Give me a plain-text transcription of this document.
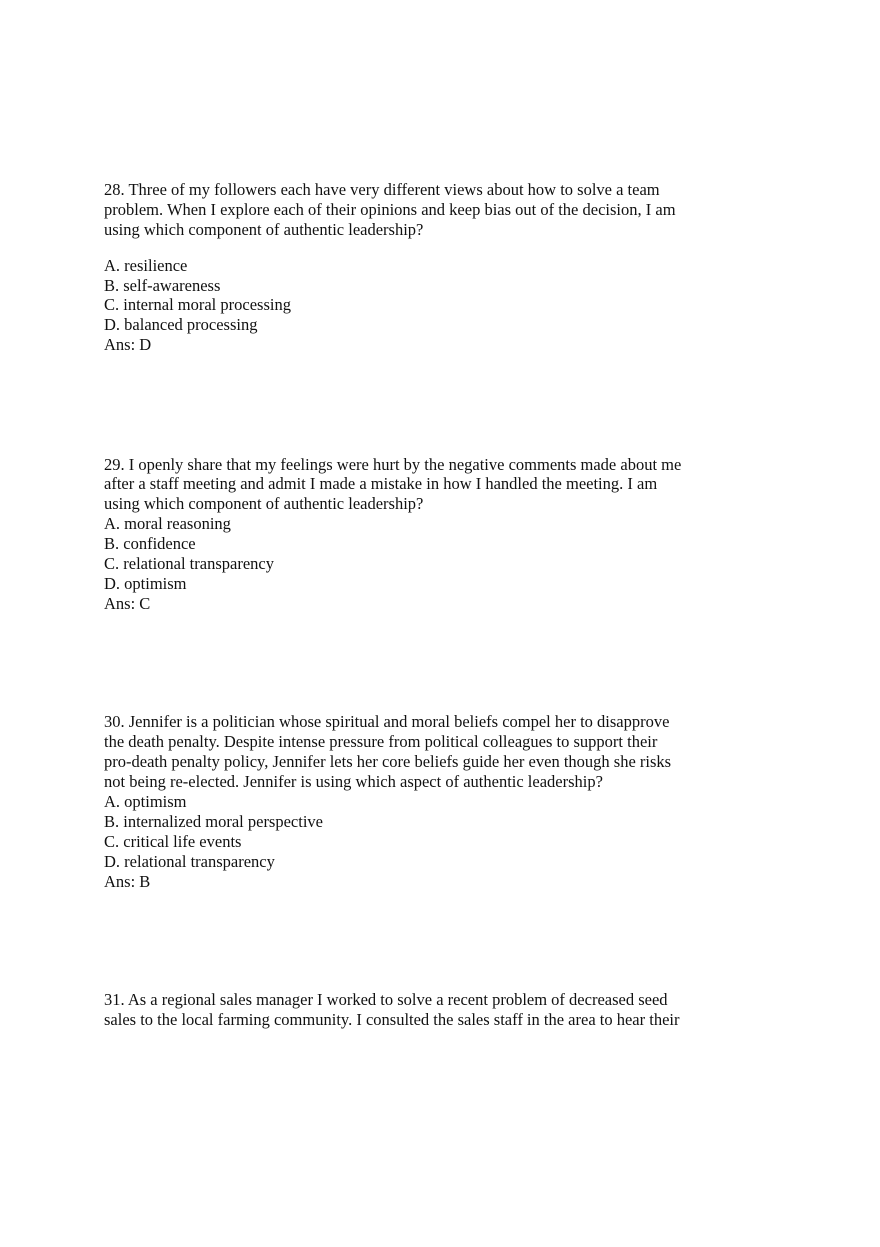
28. Three of my followers each have very different views about how to solve a team
problem. When I explore each of their opinions and keep bias out of the decision, I am
using which component of authentic leadership?
A. resilience
B. self-awareness
C. internal moral processing
D. balanced processing
Ans: D
29. I openly share that my feelings were hurt by the negative comments made about me
after a staff meeting and admit I made a mistake in how I handled the meeting. I am
using which component of authentic leadership?
A. moral reasoning
B. confidence
C. relational transparency
D. optimism
Ans: C
30. Jennifer is a politician whose spiritual and moral beliefs compel her to disapprove
the death penalty. Despite intense pressure from political colleagues to support their
pro-death penalty policy, Jennifer lets her core beliefs guide her even though she risks
not being re-elected. Jennifer is using which aspect of authentic leadership?
A. optimism
B. internalized moral perspective
C. critical life events
D. relational transparency
Ans: B
31. As a regional sales manager I worked to solve a recent problem of decreased seed
sales to the local farming community. I consulted the sales staff in the area to hear their
